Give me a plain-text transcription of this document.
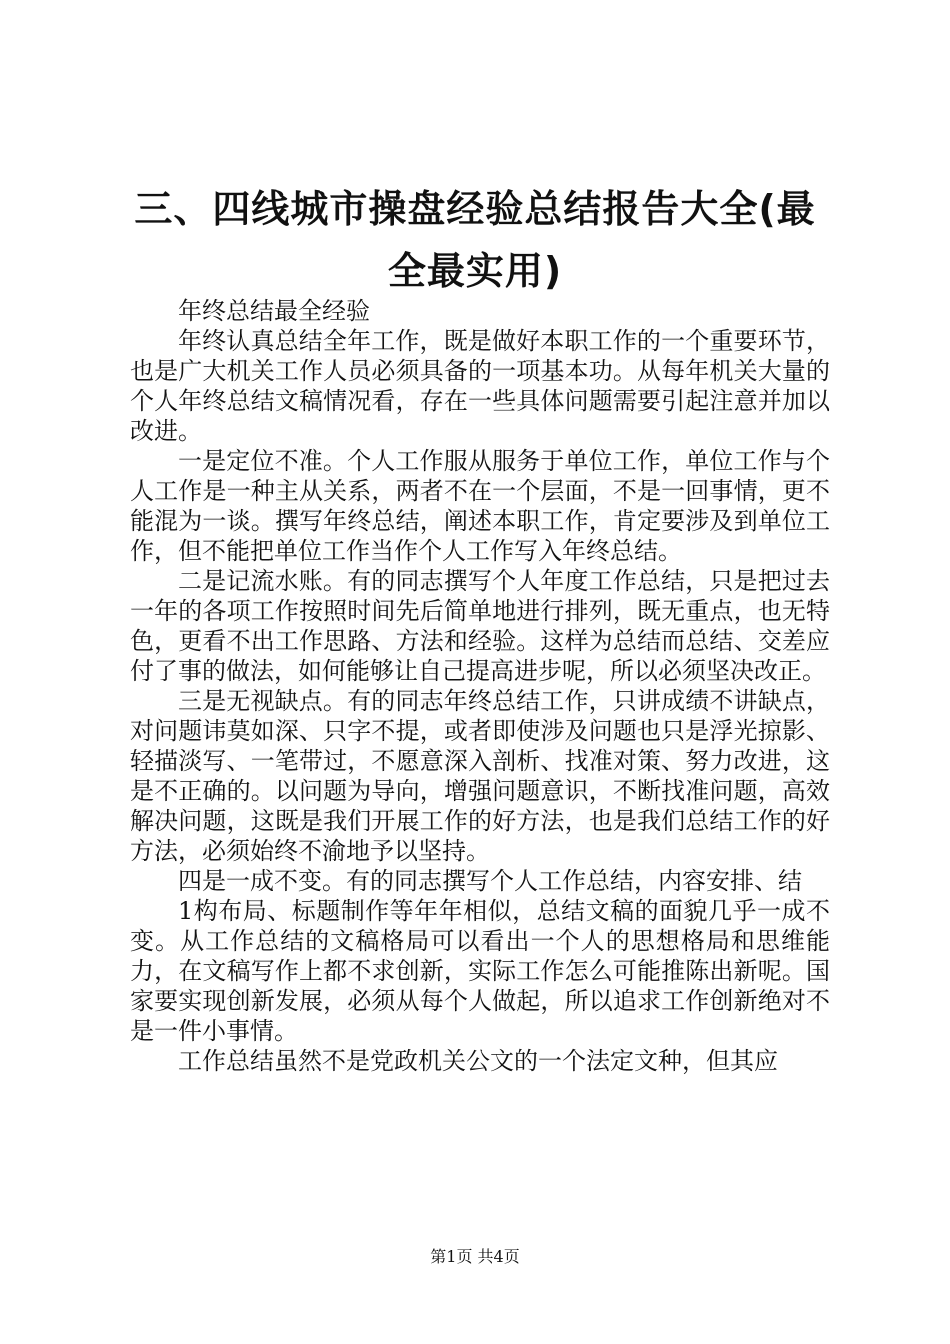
三、四线城市操盘经验总结报告大全(最全最实用)

年终总结最全经验

年终认真总结全年工作，既是做好本职工作的一个重要环节，也是广大机关工作人员必须具备的一项基本功。从每年机关大量的个人年终总结文稿情况看，存在一些具体问题需要引起注意并加以改进。

一是定位不准。个人工作服从服务于单位工作，单位工作与个人工作是一种主从关系，两者不在一个层面，不是一回事情，更不能混为一谈。撰写年终总结，阐述本职工作，肯定要涉及到单位工作，但不能把单位工作当作个人工作写入年终总结。

二是记流水账。有的同志撰写个人年度工作总结，只是把过去一年的各项工作按照时间先后简单地进行排列，既无重点，也无特色，更看不出工作思路、方法和经验。这样为总结而总结、交差应付了事的做法，如何能够让自己提高进步呢，所以必须坚决改正。

三是无视缺点。有的同志年终总结工作，只讲成绩不讲缺点，对问题讳莫如深、只字不提，或者即使涉及问题也只是浮光掠影、轻描淡写、一笔带过，不愿意深入剖析、找准对策、努力改进，这是不正确的。以问题为导向，增强问题意识，不断找准问题，高效解决问题，这既是我们开展工作的好方法，也是我们总结工作的好方法，必须始终不渝地予以坚持。

四是一成不变。有的同志撰写个人工作总结，内容安排、结

1构布局、标题制作等年年相似，总结文稿的面貌几乎一成不变。从工作总结的文稿格局可以看出一个人的思想格局和思维能力，在文稿写作上都不求创新，实际工作怎么可能推陈出新呢。国家要实现创新发展，必须从每个人做起，所以追求工作创新绝对不是一件小事情。

工作总结虽然不是党政机关公文的一个法定文种，但其应

第1页 共4页
